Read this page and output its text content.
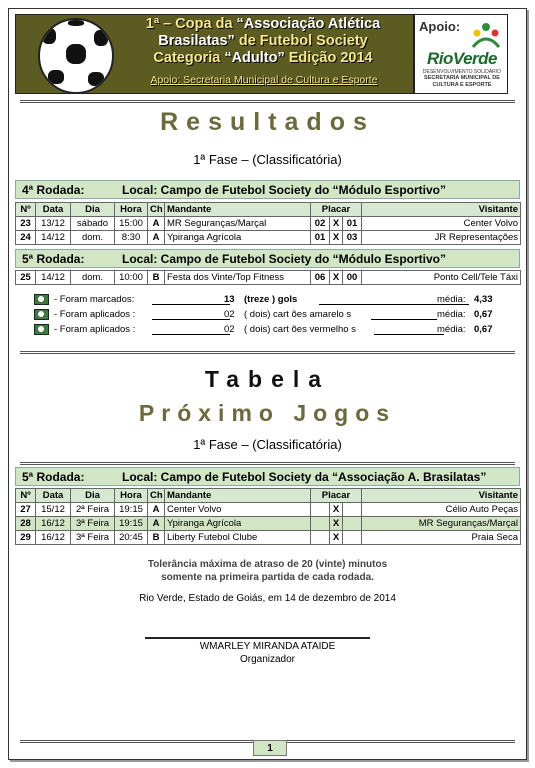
1ª – Copa da “Associação Atlética
Brasilatas” de Futebol Society
Categoria “Adulto” Edição 2014
Apoio: Secretaria Municipal de Cultura e Esporte
Apoio:
RioVerde
DESENVOLVIMENTO SOLIDÁRIO
SECRETARIA MUNICIPAL DE CULTURA E ESPORTE
Resultados
1ª Fase – (Classificatória)
4ª Rodada:	Local: Campo de Futebol Society do “Módulo Esportivo”
Nº	Data	Dia	Hora	Ch	Mandante	Placar			Visitante
23	13/12	sábado	15:00	A	MR Seguranças/Marçal	02	X	01	Center Volvo
24	14/12	dom.	8:30	A	Ypiranga Agrícola	01	X	03	JR Representações
5ª Rodada:	Local: Campo de Futebol Society do “Módulo Esportivo”
25	14/12	dom.	10:00	B	Festa dos Vinte/Top Fitness	06	X	00	Ponto Cell/Tele Táxi
- Foram marcados:	13 (treze ) gols	média: 4,33
- Foram aplicados :	02 ( dois) cart ões amarelo s	média: 0,67
- Foram aplicados :	02 ( dois) cart ões vermelho s	média: 0,67
Tabela
Próximo Jogos
1ª Fase – (Classificatória)
5ª Rodada:	Local: Campo de Futebol Society da “Associação A. Brasilatas”
Nº	Data	Dia	Hora	Ch	Mandante	Placar			Visitante
27	15/12	2ª Feira	19:15	A	Center Volvo		X		Célio Auto Peças
28	16/12	3ª Feira	19:15	A	Ypiranga Agrícola		X		MR Seguranças/Marçal
29	16/12	3ª Feira	20:45	B	Liberty Futebol Clube		X		Praia Seca
Tolerância máxima de atraso de 20 (vinte) minutos
somente na primeira partida de cada rodada.
Rio Verde, Estado de Goiás, em 14 de dezembro de 2014
WMARLEY MIRANDA ATAIDE
Organizador
1
